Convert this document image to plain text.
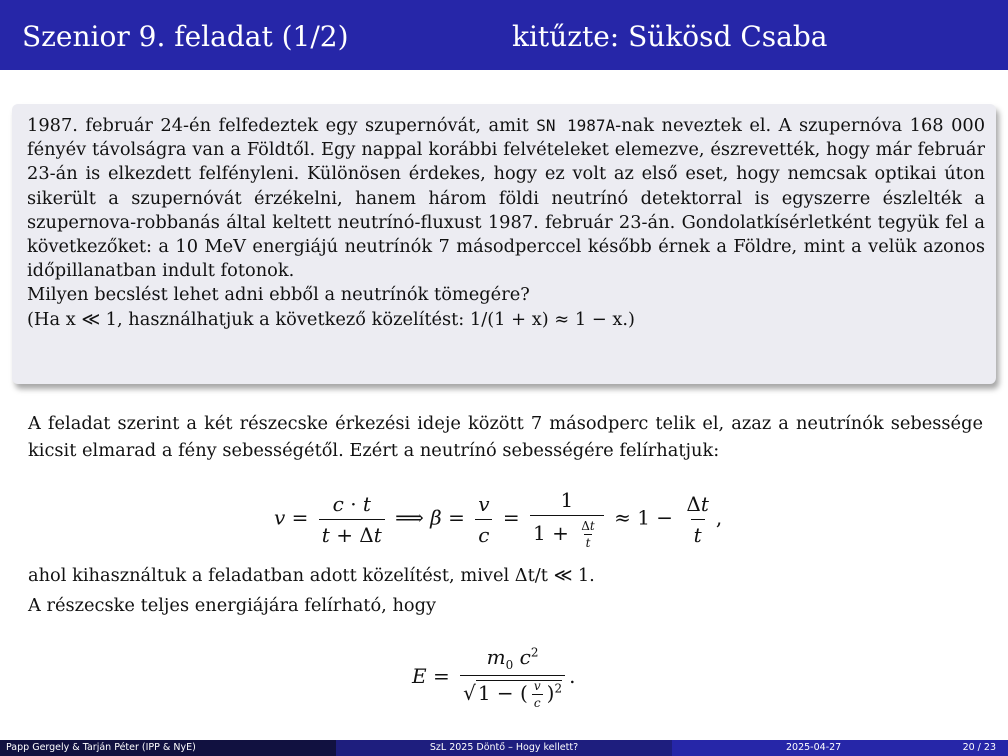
Szenior 9. feladat (1/2)	kitűzte: Sükösd Csaba
1987. február 24-én felfedeztek egy szupernóvát, amit SN 1987A-nak neveztek el. A szupernóva 168 000 fényév távolságra van a Földtől. Egy nappal korábbi felvételeket elemezve, észrevették, hogy már február 23-án is elkezdett felfényleni. Különösen érdekes, hogy ez volt az első eset, hogy nemcsak optikai úton sikerült a szupernóvát érzékelni, hanem három földi neutrínó detektorral is egyszerre észlelték a szupernova-robbanás által keltett neutrínó-fluxust 1987. február 23-án. Gondolatkísérletként tegyük fel a következőket: a 10 MeV energiájú neutrínók 7 másodperccel később érnek a Földre, mint a velük azonos időpillanatban indult fotonok.
Milyen becslést lehet adni ebből a neutrínók tömegére?
(Ha x ≪ 1, használhatjuk a következő közelítést: 1/(1 + x) ≈ 1 − x.)
A feladat szerint a két részecske érkezési ideje között 7 másodperc telik el, azaz a neutrínók sebessége kicsit elmarad a fény sebességétől. Ezért a neutrínó sebességére felírhatjuk:
$v = \frac{c \cdot t}{t + \Delta t}$ ⟹ $\beta = \frac{v}{c} = \frac{1}{1 + \frac{\Delta t}{t}} \approx 1 - \frac{\Delta t}{t}$ ,
ahol kihasználtuk a feladatban adott közelítést, mivel Δt/t ≪ 1.
A részecske teljes energiájára felírható, hogy
$E = \frac{m_0 c^2}{√ 1 - ( \frac{v}{c} )^2}$ .
Papp Gergely & Tarján Péter (IPP & NyE)	SzL 2025 Döntő – Hogy kellett?	2025-04-27	20 / 23
